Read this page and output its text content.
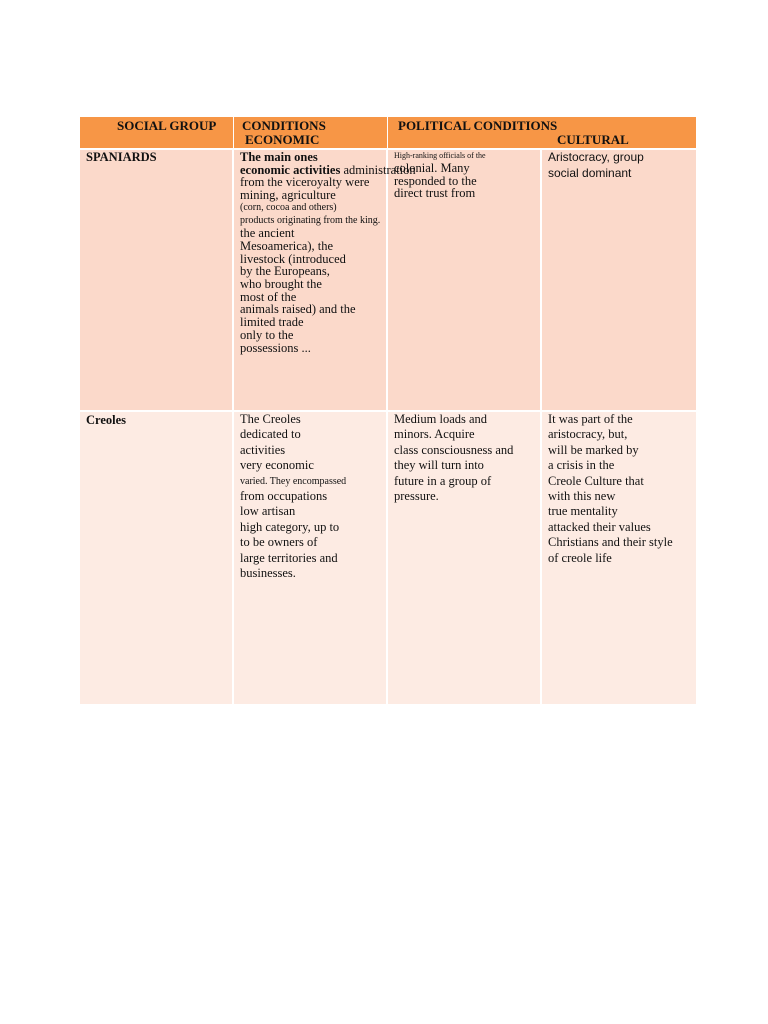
SOCIAL GROUP CONDITIONS
ECONOMIC
POLITICAL CONDITIONS
CULTURAL
SPANIARDS	The main ones
economic activities administration
from the viceroyalty were
mining, agriculture
(corn, cocoa and others)
products originating from the king.
the ancient
Mesoamerica), the
livestock (introduced
by the Europeans,
who brought the
most of the
animals raised) and the
limited trade
only to the
possessions ...
High-ranking officials of the
colonial. Many
responded to the
direct trust from
Aristocracy, group
social dominant
Creoles	The Creoles
dedicated to
activities
very economic
varied. They encompassed
from occupations
low artisan
high category, up to
to be owners of
large territories and
businesses.
Medium loads and
minors. Acquire
class consciousness and
they will turn into
future in a group of
pressure.
It was part of the
aristocracy, but,
will be marked by
a crisis in the
Creole Culture that
with this new
true mentality
attacked their values
Christians and their style
of creole life
